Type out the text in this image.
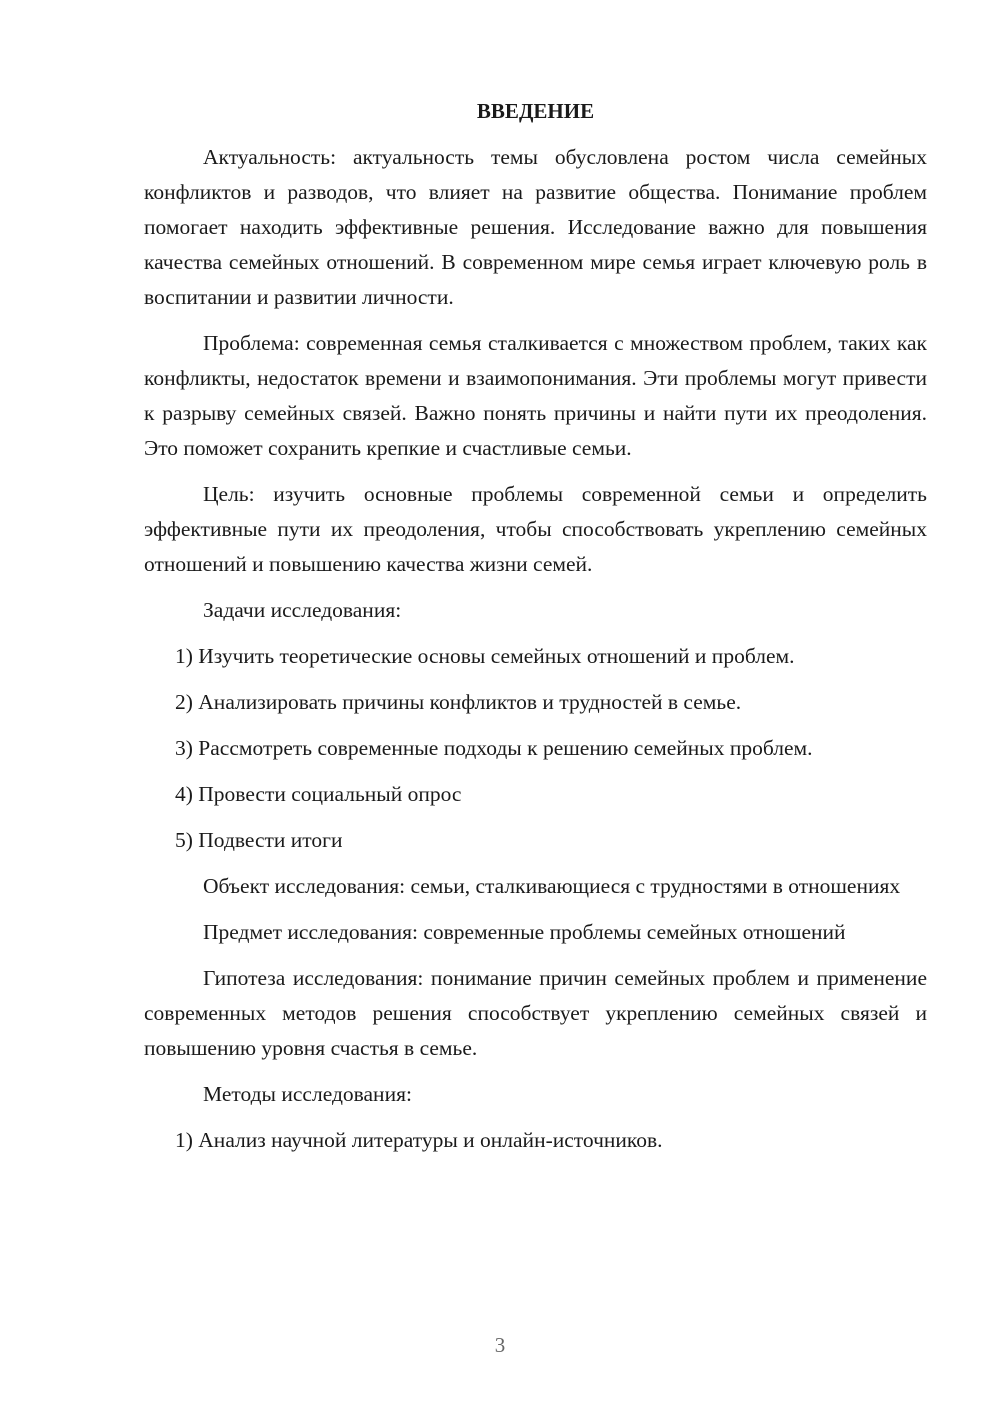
ВВЕДЕНИЕ

Актуальность: актуальность темы обусловлена ростом числа семейных конфликтов и разводов, что влияет на развитие общества. Понимание проблем помогает находить эффективные решения. Исследование важно для повышения качества семейных отношений. В современном мире семья играет ключевую роль в воспитании и развитии личности.

Проблема: современная семья сталкивается с множеством проблем, таких как конфликты, недостаток времени и взаимопонимания. Эти проблемы могут привести к разрыву семейных связей. Важно понять причины и найти пути их преодоления. Это поможет сохранить крепкие и счастливые семьи.

Цель: изучить основные проблемы современной семьи и определить эффективные пути их преодоления, чтобы способствовать укреплению семейных отношений и повышению качества жизни семей.

Задачи исследования:

1) Изучить теоретические основы семейных отношений и проблем.
2) Анализировать причины конфликтов и трудностей в семье.
3) Рассмотреть современные подходы к решению семейных проблем.
4) Провести социальный опрос
5) Подвести итоги

Объект исследования: семьи, сталкивающиеся с трудностями в отношениях

Предмет исследования: современные проблемы семейных отношений

Гипотеза исследования: понимание причин семейных проблем и применение современных методов решения способствует укреплению семейных связей и повышению уровня счастья в семье.

Методы исследования:

1) Анализ научной литературы и онлайн-источников.
3
